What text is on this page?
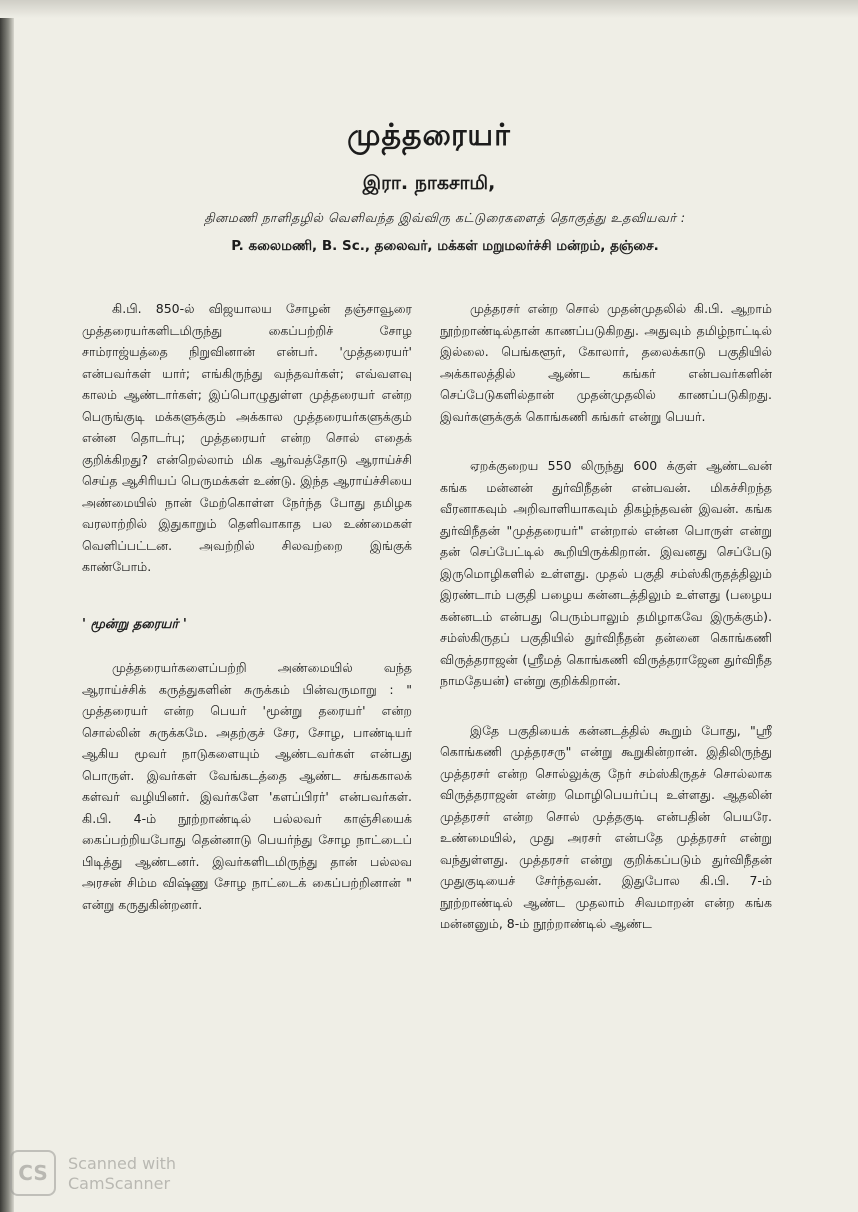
முத்தரையர்
இரா. நாகசாமி,
தினமணி நாளிதழில் வெளிவந்த இவ்விரு கட்டுரைகளைத் தொகுத்து உதவியவர் :
P. கலைமணி, B. Sc., தலைவர், மக்கள் மறுமலர்ச்சி மன்றம், தஞ்சை.

கி.பி. 850-ல் விஜயாலய சோழன் தஞ்சாவூரை முத்தரையர்களிடமிருந்து கைப்பற்றிச் சோழ சாம்ராஜ்யத்தை நிறுவினான் என்பர். 'முத்தரையர்' என்பவர்கள் யார்; எங்கிருந்து வந்தவர்கள்; எவ்வளவு காலம் ஆண்டார்கள்; இப்பொழுதுள்ள முத்தரையர் என்ற பெருங்குடி மக்களுக்கும் அக்கால முத்தரையர்களுக்கும் என்ன தொடர்பு; முத்தரையர் என்ற சொல் எதைக் குறிக்கிறது? என்றெல்லாம் மிக ஆர்வத்தோடு ஆராய்ச்சி செய்த ஆசிரியப் பெருமக்கள் உண்டு. இந்த ஆராய்ச்சியை அண்மையில் நான் மேற்கொள்ள நேர்ந்த போது தமிழக வரலாற்றில் இதுகாறும் தெளிவாகாத பல உண்மைகள் வெளிப்பட்டன. அவற்றில் சிலவற்றை இங்குக் காண்போம்.

' மூன்று தரையர் '

முத்தரையர்களைப்பற்றி அண்மையில் வந்த ஆராய்ச்சிக் கருத்துகளின் சுருக்கம் பின்வருமாறு : " முத்தரையர் என்ற பெயர் 'மூன்று தரையர்' என்ற சொல்லின் சுருக்கமே. அதற்குச் சேர, சோழ, பாண்டியர் ஆகிய மூவர் நாடுகளையும் ஆண்டவர்கள் என்பது பொருள். இவர்கள் வேங்கடத்தை ஆண்ட சங்ககாலக் கள்வர் வழியினர். இவர்களே 'களப்பிரர்' என்பவர்கள். கி.பி. 4-ம் நூற்றாண்டில் பல்லவர் காஞ்சியைக் கைப்பற்றியபோது தென்னாடு பெயர்ந்து சோழ நாட்டைப் பிடித்து ஆண்டனர். இவர்களிடமிருந்து தான் பல்லவ அரசன் சிம்ம விஷ்ணு சோழ நாட்டைக் கைப்பற்றினான் " என்று கருதுகின்றனர்.

முத்தரசர் என்ற சொல் முதன்முதலில் கி.பி. ஆறாம் நூற்றாண்டில்தான் காணப்படுகிறது. அதுவும் தமிழ்நாட்டில் இல்லை. பெங்களூர், கோலார், தலைக்காடு பகுதியில் அக்காலத்தில் ஆண்ட கங்கர் என்பவர்களின் செப்பேடுகளில்தான் முதன்முதலில் காணப்படுகிறது. இவர்களுக்குக் கொங்கணி கங்கர் என்று பெயர்.

ஏறக்குறைய 550 லிருந்து 600 க்குள் ஆண்டவன் கங்க மன்னன் துர்விநீதன் என்பவன். மிகச்சிறந்த வீரனாகவும் அறிவாளியாகவும் திகழ்ந்தவன் இவன். கங்க துர்விநீதன் "முத்தரையர்" என்றால் என்ன பொருள் என்று தன் செப்பேட்டில் கூறியிருக்கிறான். இவனது செப்பேடு இருமொழிகளில் உள்ளது. முதல் பகுதி சம்ஸ்கிருதத்திலும் இரண்டாம் பகுதி பழைய கன்னடத்திலும் உள்ளது (பழைய கன்னடம் என்பது பெரும்பாலும் தமிழாகவே இருக்கும்). சம்ஸ்கிருதப் பகுதியில் துர்விநீதன் தன்னை கொங்கணி விருத்தராஜன் (ஸ்ரீமத் கொங்கணி விருத்தராஜேன துர்விநீத நாமதேயன்) என்று குறிக்கிறான்.

இதே பகுதியைக் கன்னடத்தில் கூறும் போது, "ஸ்ரீ கொங்கணி முத்தரசரு" என்று கூறுகின்றான். இதிலிருந்து முத்தரசர் என்ற சொல்லுக்கு நேர் சம்ஸ்கிருதச் சொல்லாக விருத்தராஜன் என்ற மொழிபெயர்ப்பு உள்ளது. ஆதலின் முத்தரசர் என்ற சொல் முத்தகுடி என்பதின் பெயரே. உண்மையில், முது அரசர் என்பதே முத்தரசர் என்று வந்துள்ளது. முத்தரசர் என்று குறிக்கப்படும் துர்விநீதன் முதுகுடியைச் சேர்ந்தவன். இதுபோல கி.பி. 7-ம் நூற்றாண்டில் ஆண்ட முதலாம் சிவமாறன் என்ற கங்க மன்னனும், 8-ம் நூற்றாண்டில் ஆண்ட

CS	Scanned with
CamScanner
